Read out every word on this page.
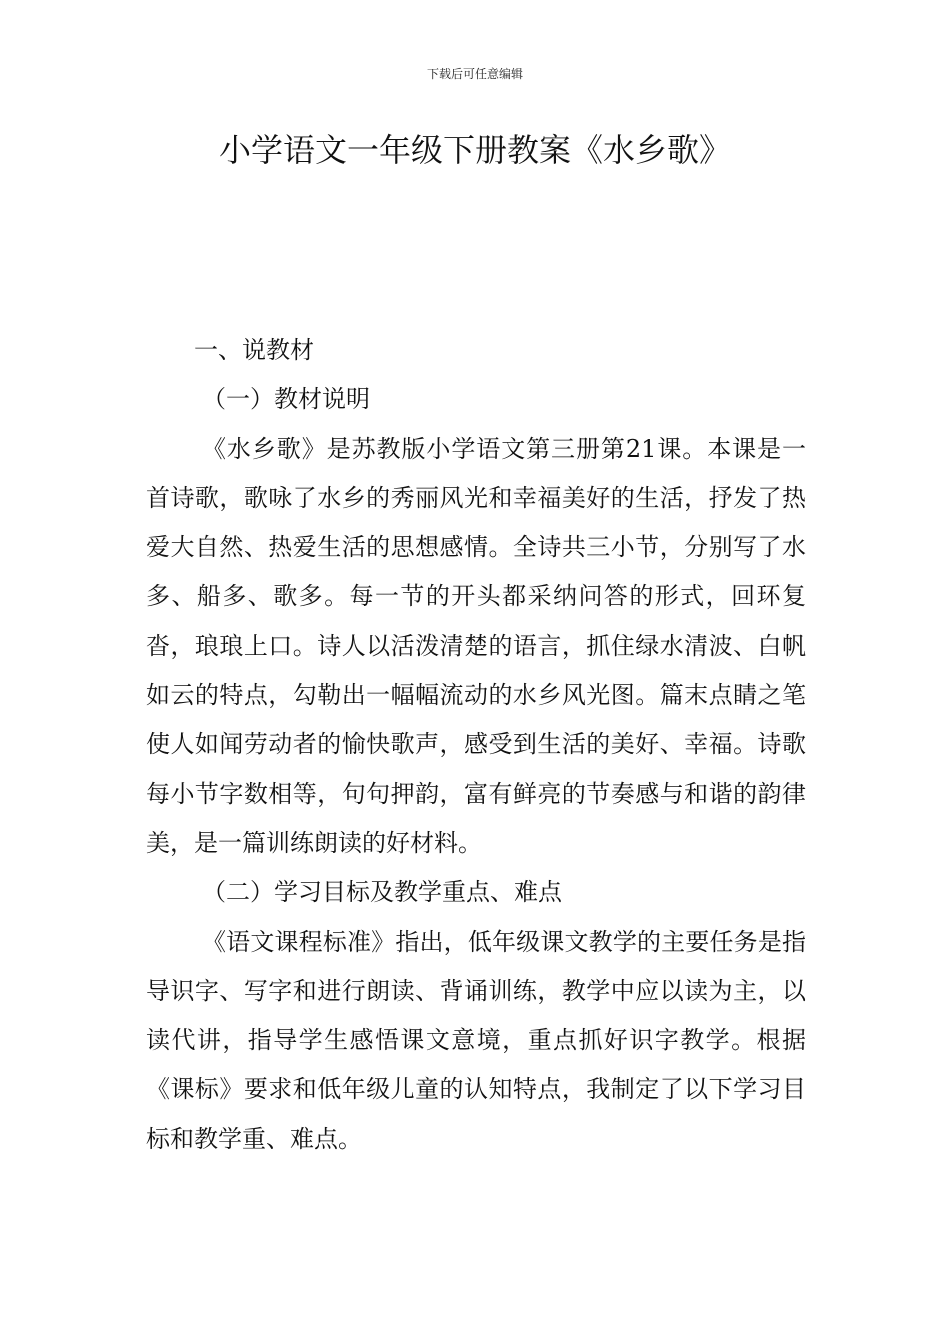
下载后可任意编辑
小学语文一年级下册教案《水乡歌》

一、说教材

（一）教材说明

《水乡歌》是苏教版小学语文第三册第21课。本课是一首诗歌，歌咏了水乡的秀丽风光和幸福美好的生活，抒发了热爱大自然、热爱生活的思想感情。全诗共三小节，分别写了水多、船多、歌多。每一节的开头都采纳问答的形式，回环复沓，琅琅上口。诗人以活泼清楚的语言，抓住绿水清波、白帆如云的特点，勾勒出一幅幅流动的水乡风光图。篇末点睛之笔使人如闻劳动者的愉快歌声，感受到生活的美好、幸福。诗歌每小节字数相等，句句押韵，富有鲜亮的节奏感与和谐的韵律美，是一篇训练朗读的好材料。

（二）学习目标及教学重点、难点

《语文课程标准》指出，低年级课文教学的主要任务是指导识字、写字和进行朗读、背诵训练，教学中应以读为主，以读代讲，指导学生感悟课文意境，重点抓好识字教学。根据《课标》要求和低年级儿童的认知特点，我制定了以下学习目标和教学重、难点。
